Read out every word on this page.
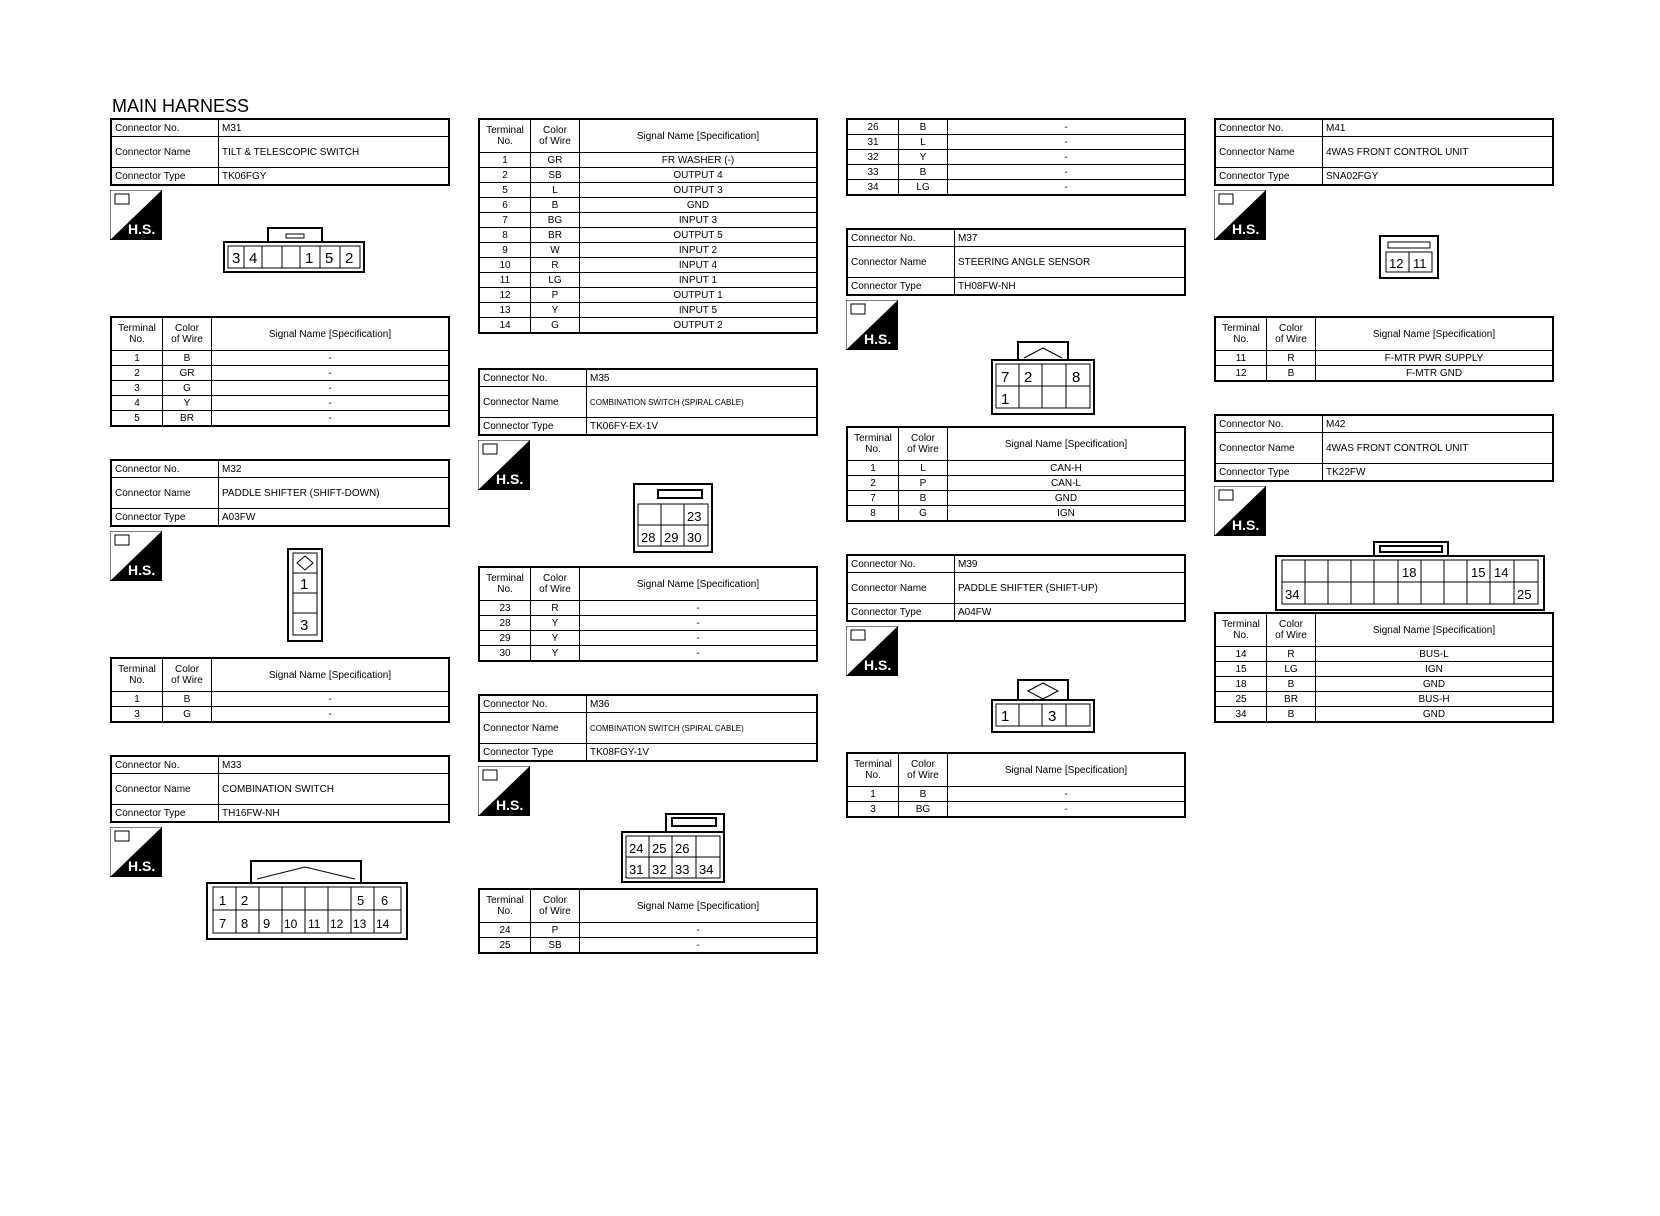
MAIN HARNESS
Connector No.	M31
Connector Name	TILT & TELESCOPIC SWITCH
Connector Type	TK06FGY
H.S.
3 4	1 5 2
Terminal
No.	Color
of Wire	Signal Name [Specification]
1	B	-
2	GR	-
3	G	-
4	Y	-
5	BR	-
Connector No.	M32
Connector Name	PADDLE SHIFTER (SHIFT-DOWN)
Connector Type	A03FW
H.S.
1
3
Terminal
No.	Color
of Wire	Signal Name [Specification]
1	B	-
3	G	-
Connector No.	M33
Connector Name	COMBINATION SWITCH
Connector Type	TH16FW-NH
H.S.
1 2	5 6
7 8 9 10 11 12 13 14
Terminal
No.	Color
of Wire	Signal Name [Specification]
1	GR	FR WASHER (-)
2	SB	OUTPUT 4
5	L	OUTPUT 3
6	B	GND
7	BG	INPUT 3
8	BR	OUTPUT 5
9	W	INPUT 2
10	R	INPUT 4
11	LG	INPUT 1
12	P	OUTPUT 1
13	Y	INPUT 5
14	G	OUTPUT 2
Connector No.	M35
Connector Name	COMBINATION SWITCH (SPIRAL CABLE)
Connector Type	TK06FY-EX-1V
H.S.
23
28 29 30
Terminal
No.	Color
of Wire	Signal Name [Specification]
23	R	-
28	Y	-
29	Y	-
30	Y	-
Connector No.	M36
Connector Name	COMBINATION SWITCH (SPIRAL CABLE)
Connector Type	TK08FGY-1V
H.S.
24 25 26
31 32 33 34
Terminal
No.	Color
of Wire	Signal Name [Specification]
24	P	-
25	SB	-
26	B	-
31	L	-
32	Y	-
33	B	-
34	LG	-
Connector No.	M37
Connector Name	STEERING ANGLE SENSOR
Connector Type	TH08FW-NH
H.S.
7 2	8
1
Terminal
No.	Color
of Wire	Signal Name [Specification]
1	L	CAN-H
2	P	CAN-L
7	B	GND
8	G	IGN
Connector No.	M39
Connector Name	PADDLE SHIFTER (SHIFT-UP)
Connector Type	A04FW
H.S.
1	3
Terminal
No.	Color
of Wire	Signal Name [Specification]
1	B	-
3	BG	-
Connector No.	M41
Connector Name	4WAS FRONT CONTROL UNIT
Connector Type	SNA02FGY
H.S.
12 11
Terminal
No.	Color
of Wire	Signal Name [Specification]
11	R	F-MTR PWR SUPPLY
12	B	F-MTR GND
Connector No.	M42
Connector Name	4WAS FRONT CONTROL UNIT
Connector Type	TK22FW
H.S.
18	15 14
34	25
Terminal
No.	Color
of Wire	Signal Name [Specification]
14	R	BUS-L
15	LG	IGN
18	B	GND
25	BR	BUS-H
34	B	GND
